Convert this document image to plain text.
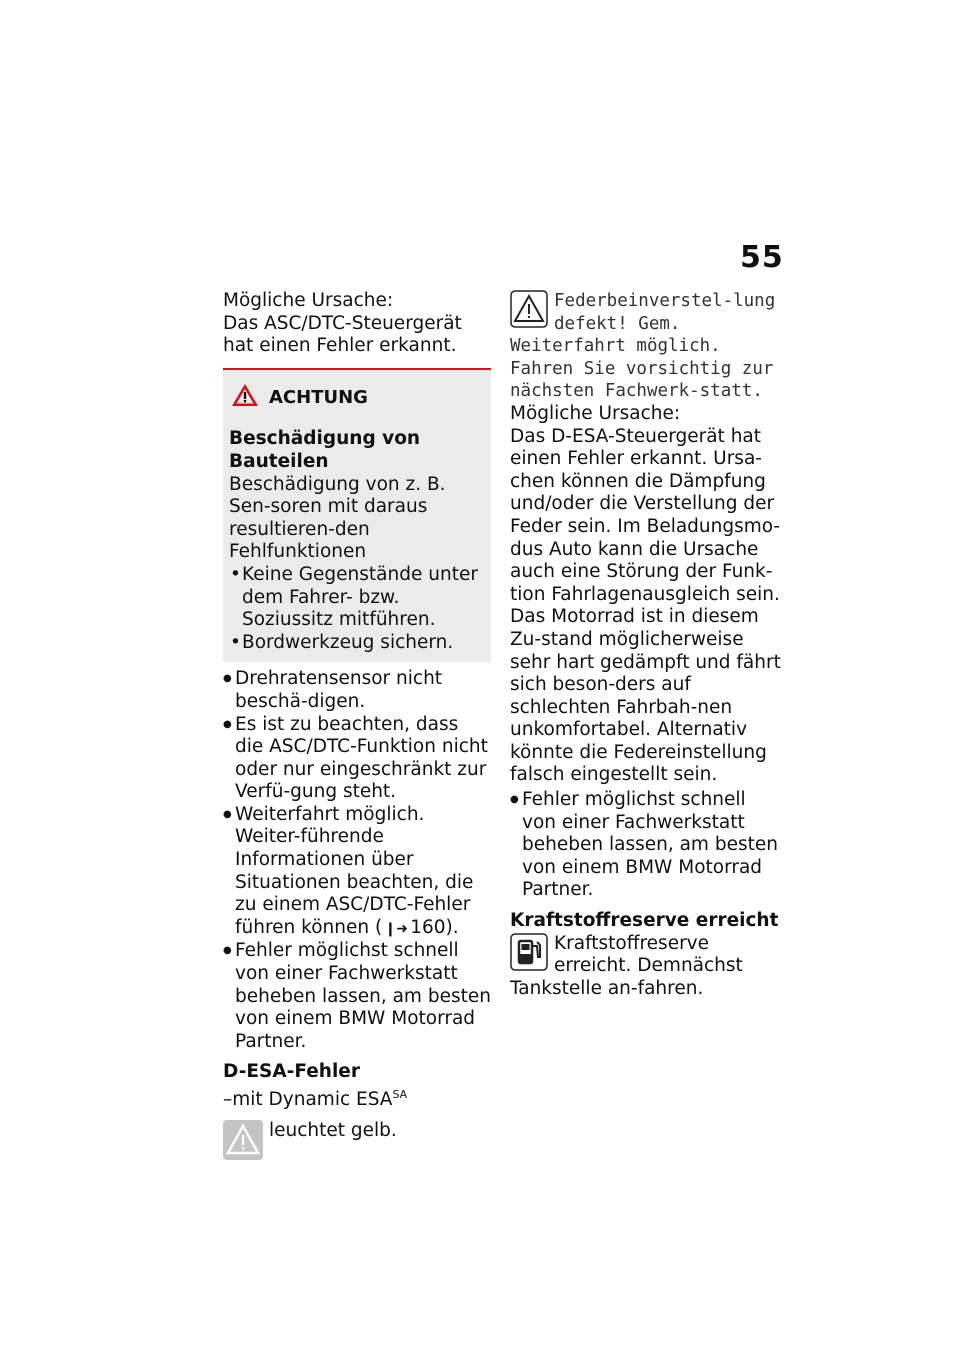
55

Mögliche Ursache:

Das ASC/DTC-Steuergerät hat einen Fehler erkannt.

ACHTUNG

Beschädigung von Bauteilen

Beschädigung von z. B. Sen-soren mit daraus resultieren-den Fehlfunktionen

• Keine Gegenstände unter dem Fahrer- bzw. Soziussitz mitführen.
• Bordwerkzeug sichern.
● Drehratensensor nicht beschä-digen.
● Es ist zu beachten, dass die ASC/DTC-Funktion nicht oder nur eingeschränkt zur Verfü-gung steht.
● Weiterfahrt möglich. Weiter-führende Informationen über Situationen beachten, die zu einem ASC/DTC-Fehler führen können ( ❙➜ 160).
● Fehler möglichst schnell von einer Fachwerkstatt beheben lassen, am besten von einem BMW Motorrad Partner.

D-ESA-Fehler

–mit Dynamic $ESA^{SA}$

leuchtet gelb.

Federbeinverstel-lung defekt! Gem. Weiterfahrt möglich. Fahren Sie vorsichtig zur nächsten Fachwerk-statt.

Mögliche Ursache:

Das D-ESA-Steuergerät hat einen Fehler erkannt. Ursa-chen können die Dämpfung und/oder die Verstellung der Feder sein. Im Beladungsmo-dus Auto kann die Ursache auch eine Störung der Funk-tion Fahrlagenausgleich sein. Das Motorrad ist in diesem Zu-stand möglicherweise sehr hart gedämpft und fährt sich beson-ders auf schlechten Fahrbah-nen unkomfortabel. Alternativ könnte die Federeinstellung falsch eingestellt sein.

● Fehler möglichst schnell von einer Fachwerkstatt beheben lassen, am besten von einem BMW Motorrad Partner.

Kraftstoffreserve erreicht

Kraftstoffreserve erreicht. Demnächst Tankstelle an-fahren.
